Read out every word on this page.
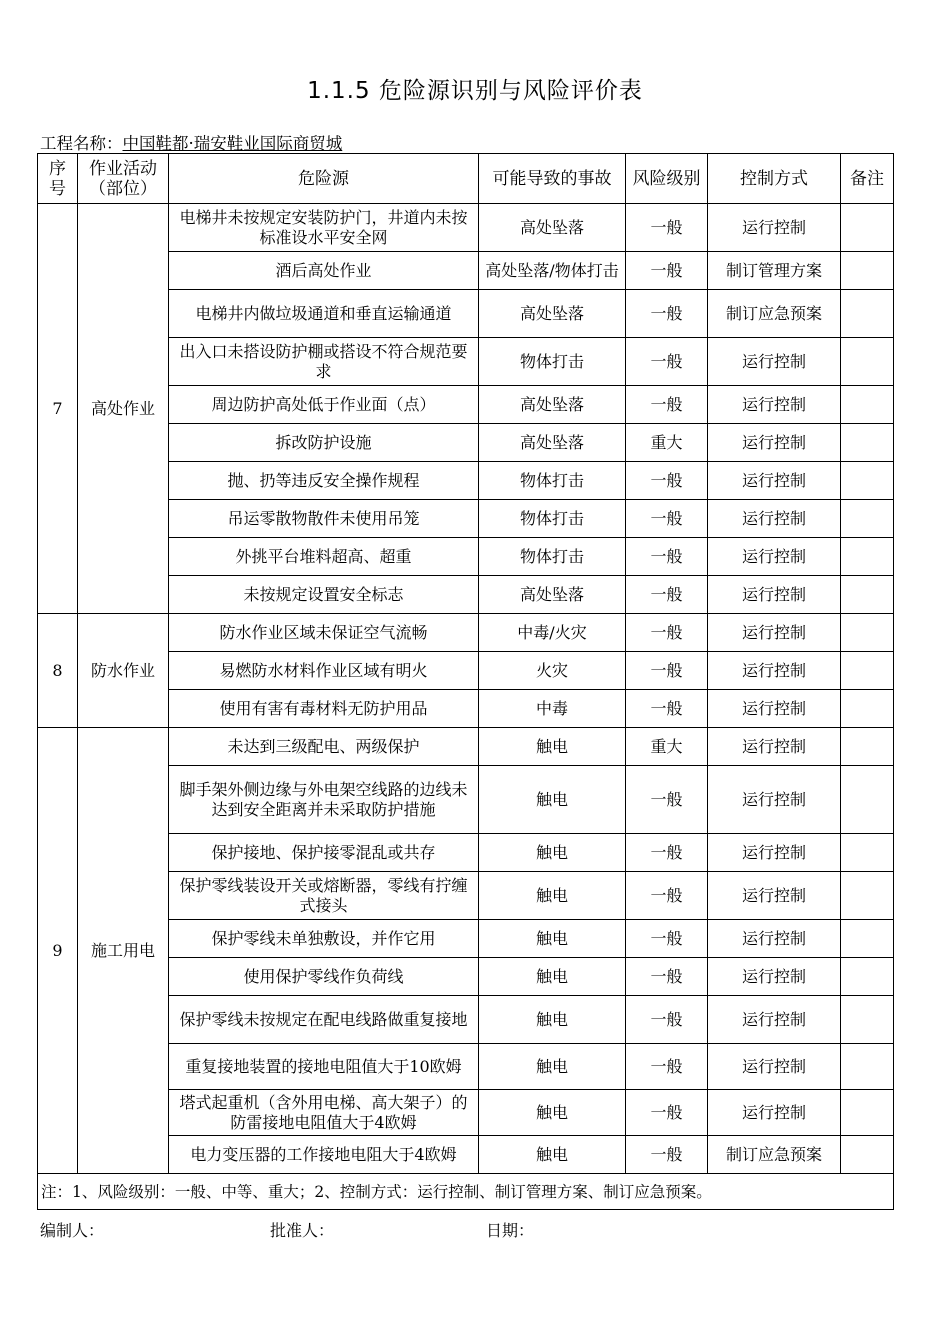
1.1.5 危险源识别与风险评价表
工程名称：中国鞋都·瑞安鞋业国际商贸城
序号	作业活动（部位）	危险源	可能导致的事故	风险级别	控制方式	备注
7	高处作业	电梯井未按规定安装防护门，井道内未按标准设水平安全网	高处坠落	一般	运行控制	
		酒后高处作业	高处坠落/物体打击	一般	制订管理方案	
		电梯井内做垃圾通道和垂直运输通道	高处坠落	一般	制订应急预案	
		出入口未搭设防护棚或搭设不符合规范要求	物体打击	一般	运行控制	
		周边防护高处低于作业面（点）	高处坠落	一般	运行控制	
		拆改防护设施	高处坠落	重大	运行控制	
		抛、扔等违反安全操作规程	物体打击	一般	运行控制	
		吊运零散物散件未使用吊笼	物体打击	一般	运行控制	
		外挑平台堆料超高、超重	物体打击	一般	运行控制	
		未按规定设置安全标志	高处坠落	一般	运行控制	
8	防水作业	防水作业区域未保证空气流畅	中毒/火灾	一般	运行控制	
		易燃防水材料作业区域有明火	火灾	一般	运行控制	
		使用有害有毒材料无防护用品	中毒	一般	运行控制	
9	施工用电	未达到三级配电、两级保护	触电	重大	运行控制	
		脚手架外侧边缘与外电架空线路的边线未达到安全距离并未采取防护措施	触电	一般	运行控制	
		保护接地、保护接零混乱或共存	触电	一般	运行控制	
		保护零线装设开关或熔断器，零线有拧缠式接头	触电	一般	运行控制	
		保护零线未单独敷设，并作它用	触电	一般	运行控制	
		使用保护零线作负荷线	触电	一般	运行控制	
		保护零线未按规定在配电线路做重复接地	触电	一般	运行控制	
		重复接地装置的接地电阻值大于10欧姆	触电	一般	运行控制	
		塔式起重机（含外用电梯、高大架子）的防雷接地电阻值大于4欧姆	触电	一般	运行控制	
		电力变压器的工作接地电阻大于4欧姆	触电	一般	制订应急预案	
注：1、风险级别：一般、中等、重大；2、控制方式：运行控制、制订管理方案、制订应急预案。						
编制人：	批准人：	日期：
